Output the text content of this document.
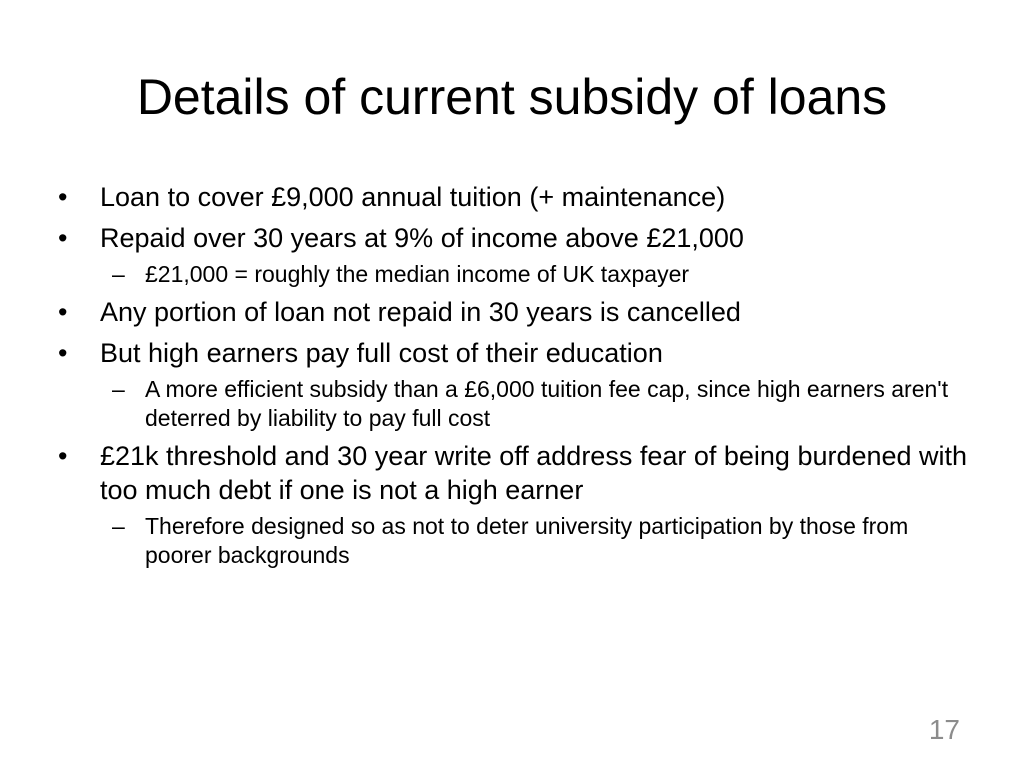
Details of current subsidy of loans
•	Loan to cover £9,000 annual tuition (+ maintenance)
•	Repaid over 30 years at 9% of income above £21,000
– £21,000 = roughly the median income of UK taxpayer
•	Any portion of loan not repaid in 30 years is cancelled
•	But high earners pay full cost of their education
– A more efficient subsidy than a £6,000 tuition fee cap, since high earners aren't deterred by liability to pay full cost
•	£21k threshold and 30 year write off address fear of being burdened with too much debt if one is not a high earner
– Therefore designed so as not to deter university participation by those from poorer backgrounds
17
